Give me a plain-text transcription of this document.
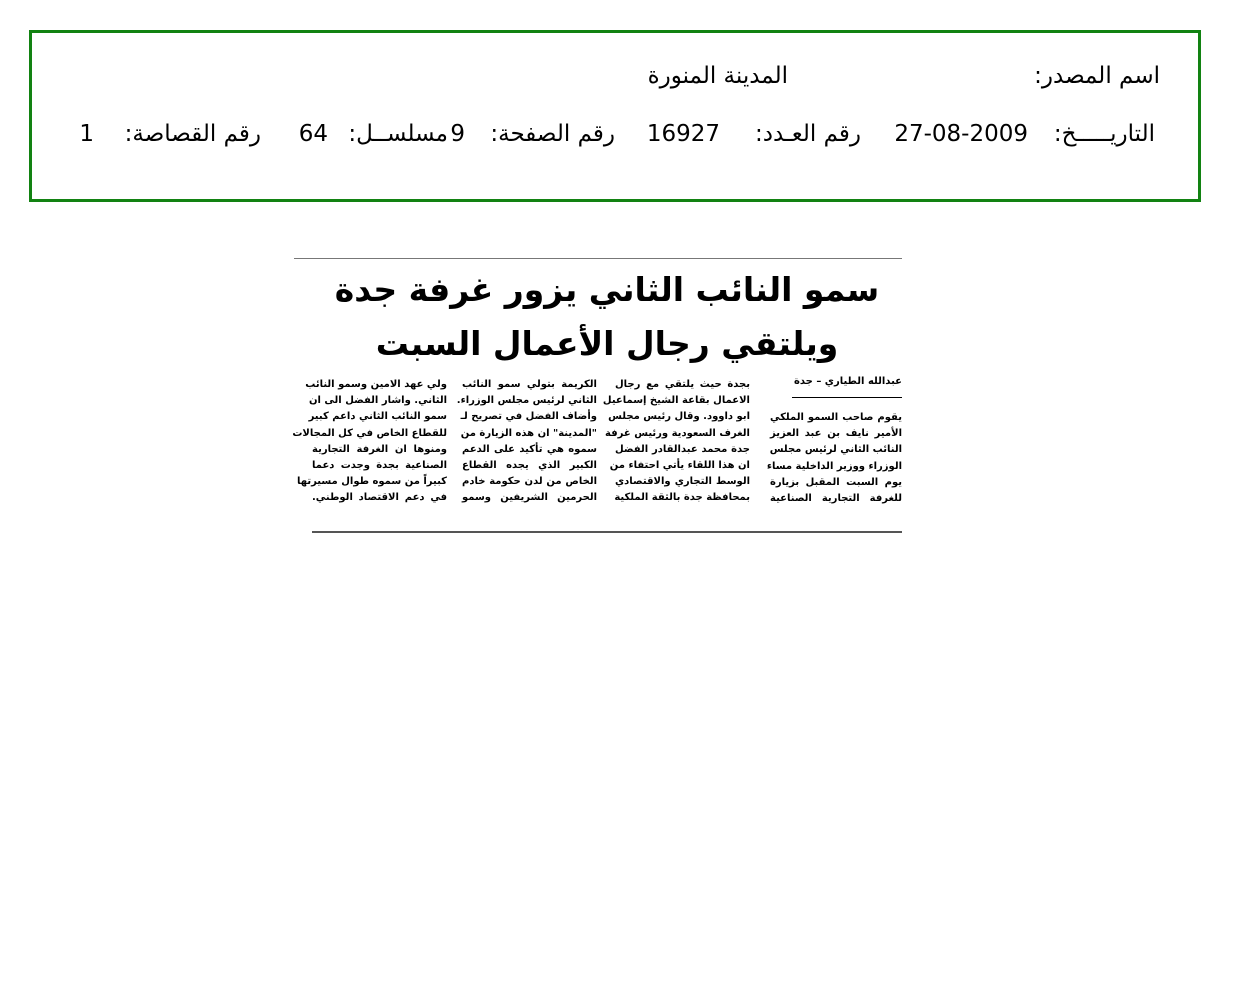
اسم المصدر:
المدينة المنورة
التاريـــــخ:
27-08-2009
رقم العـدد:
16927
رقم الصفحة:
9
مسلســل:
64
رقم القصاصة:
1
سمو النائب الثاني يزور غرفة جدة
ويلتقي رجال الأعمال السبت
عبدالله الطياري – جدة
يقوم صاحب السمو الملكي
الأمير نايف بن عبد العزيز
النائب الثاني لرئيس مجلس
الوزراء ووزير الداخلية مساء
يوم السبت المقبل بزيارة
للغرفة التجارية الصناعية
بجدة حيث يلتقي مع رجال
الاعمال بقاعة الشيخ إسماعيل
ابو داوود. وقال رئيس مجلس
الغرف السعودية ورئيس غرفة
جدة محمد عبدالقادر الفضل
ان هذا اللقاء يأتي احتفاء من
الوسط التجاري والاقتصادي
بمحافظة جدة بالثقة الملكية
الكريمة بتولي سمو النائب
الثاني لرئيس مجلس الوزراء.
وأضاف الفضل في تصريح لـ
"المدينة" ان هذه الزيارة من
سموه هي تأكيد على الدعم
الكبير الذي يجده القطاع
الخاص من لدن حكومة خادم
الحرمين الشريفين وسمو
ولي عهد الامين وسمو النائب
الثاني. واشار الفضل الى ان
سمو النائب الثاني داعم كبير
للقطاع الخاص في كل المجالات
ومنوها ان الغرفة التجارية
الصناعية بجدة وجدت دعما
كبيراً من سموه طوال مسيرتها
في دعم الاقتصاد الوطني.
